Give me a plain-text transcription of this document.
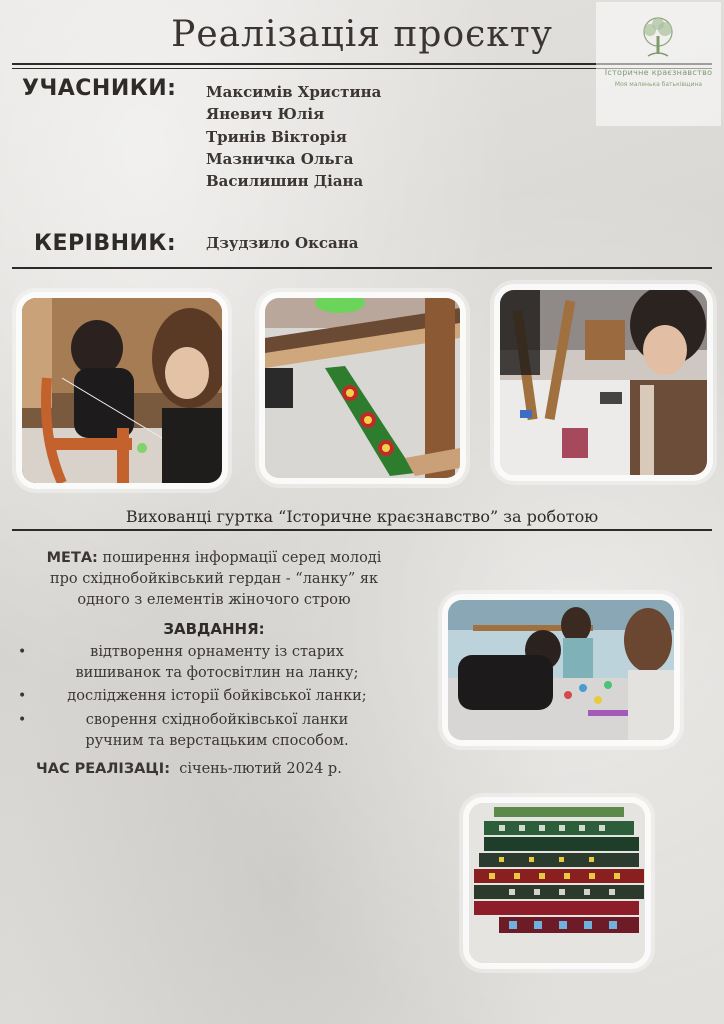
Реалізація проєкту
Історичне краєзнавство
Моя маленька батьківщина
УЧАСНИКИ: Максимів Христина
Яневич Юлія
Тринів Вікторія
Мазничка Ольга
Василишин Діана
КЕРІВНИК: Дзудзило Оксана
Вихованці гуртка “Історичне краєзнавство” за роботою
МЕТА: поширення інформації серед молоді
про східнобойківський гердан - “ланку” як
одного з елементів жіночого строю
ЗАВДАННЯ:
•	відтворення орнаменту із старих
вишиванок та фотосвітлин на ланку;
•	дослідження історії бойківської ланки;
•	сворення східнобойківської ланки
ручним та верстацьким способом.
ЧАС РЕАЛІЗАЦІ: січень-лютий 2024 р.
